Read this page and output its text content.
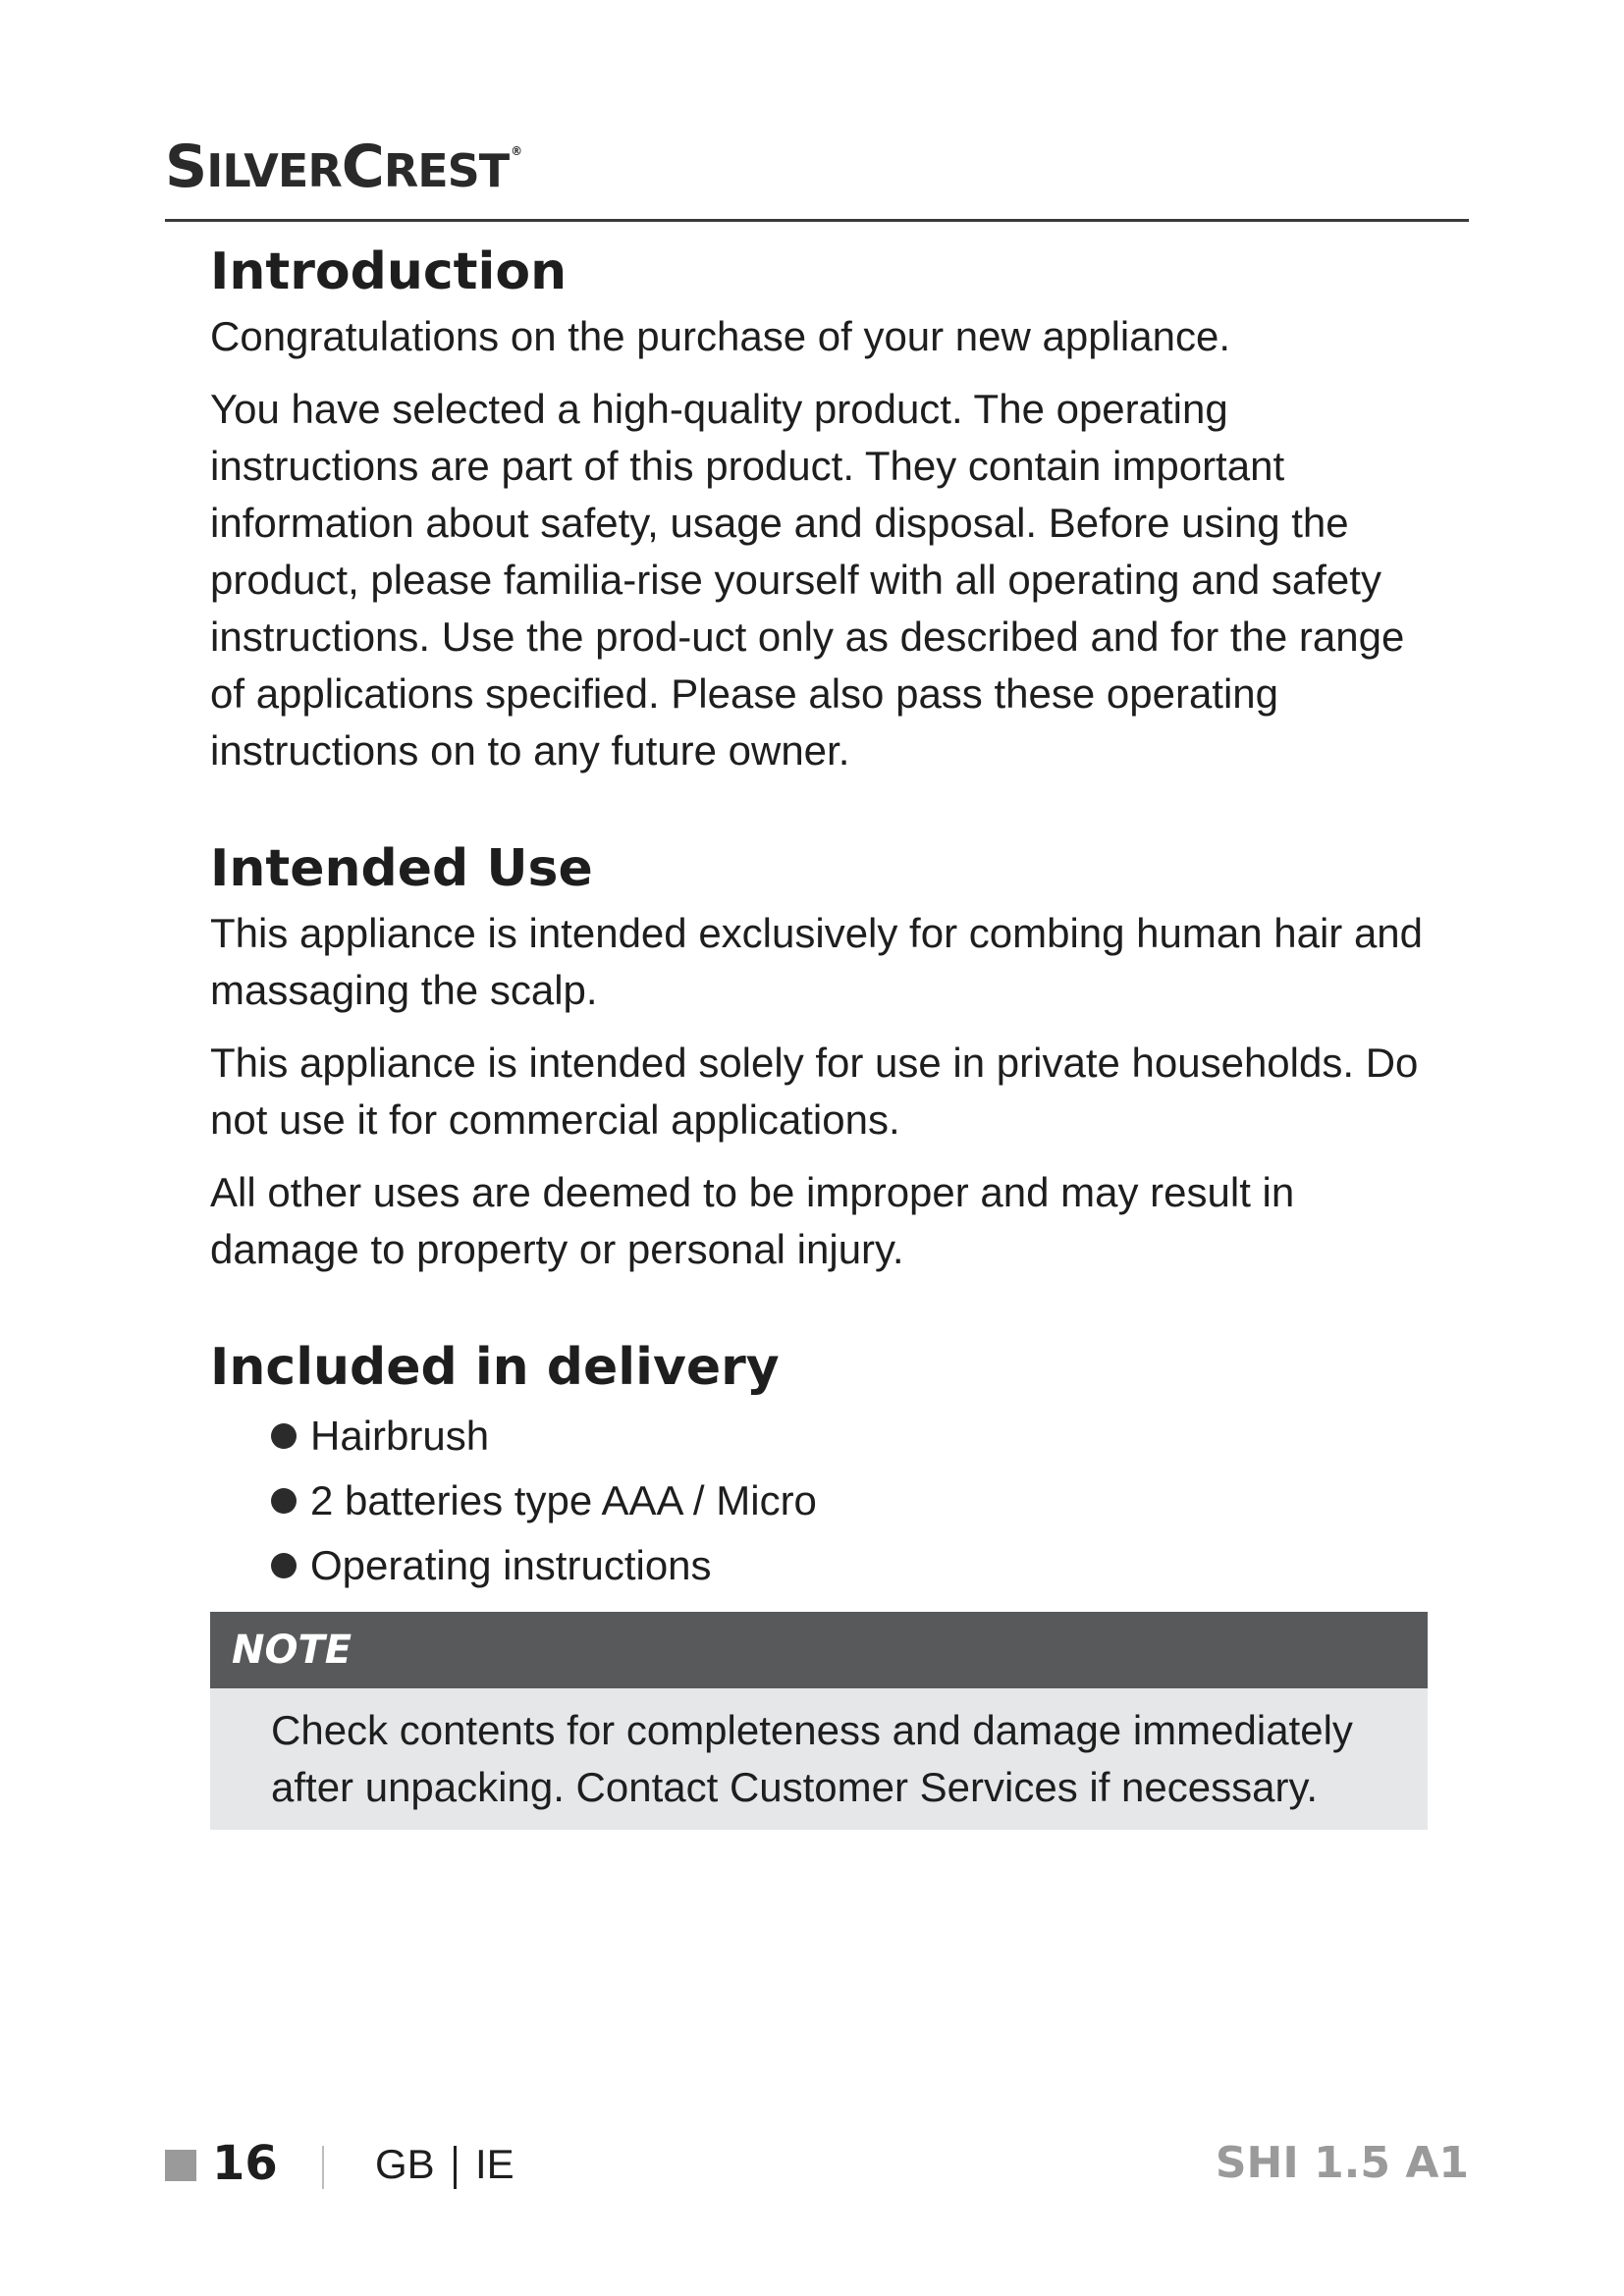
SILVERCREST ®
Introduction

Congratulations on the purchase of your new appliance.

You have selected a high-quality product. The operating instructions are part of this product. They contain important information about safety, usage and disposal. Before using the product, please familia-rise yourself with all operating and safety instructions. Use the prod-uct only as described and for the range of applications specified. Please also pass these operating instructions on to any future owner.

Intended Use

This appliance is intended exclusively for combing human hair and massaging the scalp.

This appliance is intended solely for use in private households. Do not use it for commercial applications.

All other uses are deemed to be improper and may result in damage to property or personal injury.

Included in delivery
Hairbrush
2 batteries type AAA / Micro
Operating instructions
NOTE

Check contents for completeness and damage immediately after unpacking. Contact Customer Services if necessary.

16 GB IE	SHI 1.5 A1
